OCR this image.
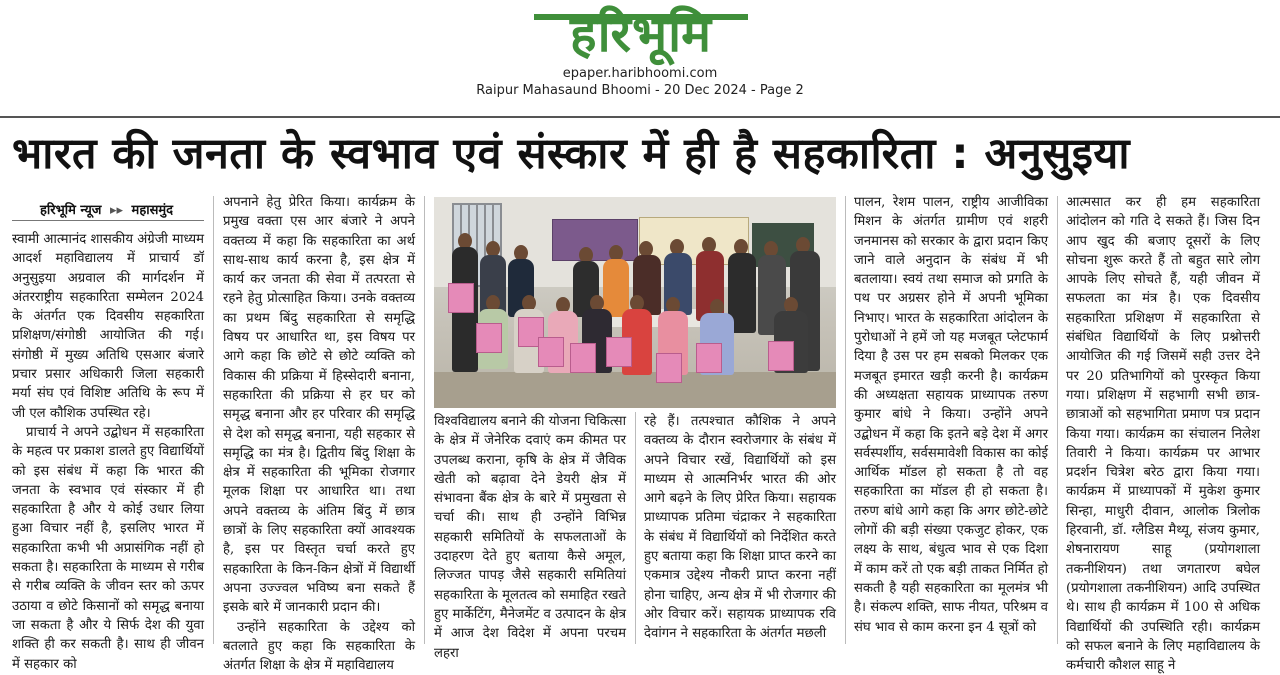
हरिभूमि
epaper.haribhoomi.com
Raipur Mahasaund Bhoomi - 20 Dec 2024 - Page 2
भारत की जनता के स्वभाव एवं संस्कार में ही है सहकारिता : अनुसुइया
हरिभूमि न्यूज ▸▸ महासमुंद

स्वामी आत्मानंद शासकीय अंग्रेजी माध्यम आदर्श महाविद्यालय में प्राचार्य डॉ अनुसुइया अग्रवाल की मार्गदर्शन में अंतरराष्ट्रीय सहकारिता सम्मेलन 2024 के अंतर्गत एक दिवसीय सहकारिता प्रशिक्षण/संगोष्ठी आयोजित की गई। संगोष्ठी में मुख्य अतिथि एसआर बंजारे प्रचार प्रसार अधिकारी जिला सहकारी मर्या संघ एवं विशिष्ट अतिथि के रूप में जी एल कौशिक उपस्थित रहे।

प्राचार्य ने अपने उद्बोधन में सहकारिता के महत्व पर प्रकाश डालते हुए विद्यार्थियों को इस संबंध में कहा कि भारत की जनता के स्वभाव एवं संस्कार में ही सहकारिता है और ये कोई उधार लिया हुआ विचार नहीं है, इसलिए भारत में सहकारिता कभी भी अप्रासंगिक नहीं हो सकता है। सहकारिता के माध्यम से गरीब से गरीब व्यक्ति के जीवन स्तर को ऊपर उठाया व छोटे किसानों को समृद्ध बनाया जा सकता है और ये सिर्फ देश की युवा शक्ति ही कर सकती है। साथ ही जीवन में सहकार को

अपनाने हेतु प्रेरित किया। कार्यक्रम के प्रमुख वक्ता एस आर बंजारे ने अपने वक्तव्य में कहा कि सहकारिता का अर्थ साथ-साथ कार्य करना है, इस क्षेत्र में कार्य कर जनता की सेवा में तत्परता से रहने हेतु प्रोत्साहित किया। उनके वक्तव्य का प्रथम बिंदु सहकारिता से समृद्धि विषय पर आधारित था, इस विषय पर आगे कहा कि छोटे से छोटे व्यक्ति को विकास की प्रक्रिया में हिस्सेदारी बनाना, सहकारिता की प्रक्रिया से हर घर को समृद्ध बनाना और हर परिवार की समृद्धि से देश को समृद्ध बनाना, यही सहकार से समृद्धि का मंत्र है। द्वितीय बिंदु शिक्षा के क्षेत्र में सहकारिता की भूमिका रोजगार मूलक शिक्षा पर आधारित था। तथा अपने वक्तव्य के अंतिम बिंदु में छात्र छात्रों के लिए सहकारिता क्यों आवश्यक है, इस पर विस्तृत चर्चा करते हुए सहकारिता के किन-किन क्षेत्रों में विद्यार्थी अपना उज्ज्वल भविष्य बना सकते हैं इसके बारे में जानकारी प्रदान की।

उन्होंने सहकारिता के उद्देश्य को बतलाते हुए कहा कि सहकारिता के अंतर्गत शिक्षा के क्षेत्र में महाविद्यालय

विश्वविद्यालय बनाने की योजना चिकित्सा के क्षेत्र में जेनेरिक दवाएं कम कीमत पर उपलब्ध कराना, कृषि के क्षेत्र में जैविक खेती को बढ़ावा देने डेयरी क्षेत्र में संभावना बैंक क्षेत्र के बारे में प्रमुखता से चर्चा की। साथ ही उन्होंने विभिन्न सहकारी समितियों के सफलताओं के उदाहरण देते हुए बताया कैसे अमूल, लिज्जत पापड़ जैसे सहकारी समितियां सहकारिता के मूलतत्व को समाहित रखते हुए मार्केटिंग, मैनेजमेंट व उत्पादन के क्षेत्र में आज देश विदेश में अपना परचम लहरा

रहे हैं। तत्पश्चात कौशिक ने अपने वक्तव्य के दौरान स्वरोजगार के संबंध में अपने विचार रखें, विद्यार्थियों को इस माध्यम से आत्मनिर्भर भारत की ओर आगे बढ़ने के लिए प्रेरित किया। सहायक प्राध्यापक प्रतिमा चंद्राकर ने सहकारिता के संबंध में विद्यार्थियों को निर्देशित करते हुए बताया कहा कि शिक्षा प्राप्त करने का एकमात्र उद्देश्य नौकरी प्राप्त करना नहीं होना चाहिए, अन्य क्षेत्र में भी रोजगार की ओर विचार करें। सहायक प्राध्यापक रवि देवांगन ने सहकारिता के अंतर्गत मछली

पालन, रेशम पालन, राष्ट्रीय आजीविका मिशन के अंतर्गत ग्रामीण एवं शहरी जनमानस को सरकार के द्वारा प्रदान किए जाने वाले अनुदान के संबंध में भी बतलाया। स्वयं तथा समाज को प्रगति के पथ पर अग्रसर होने में अपनी भूमिका निभाए। भारत के सहकारिता आंदोलन के पुरोधाओं ने हमें जो यह मजबूत प्लेटफार्म दिया है उस पर हम सबको मिलकर एक मजबूत इमारत खड़ी करनी है। कार्यक्रम की अध्यक्षता सहायक प्राध्यापक तरुण कुमार बांधे ने किया। उन्होंने अपने उद्बोधन में कहा कि इतने बड़े देश में अगर सर्वस्पर्शीय, सर्वसमावेशी विकास का कोई आर्थिक मॉडल हो सकता है तो वह सहकारिता का मॉडल ही हो सकता है। तरुण बांधे आगे कहा कि अगर छोटे-छोटे लोगों की बड़ी संख्या एकजुट होकर, एक लक्ष्य के साथ, बंधुत्व भाव से एक दिशा में काम करें तो एक बड़ी ताकत निर्मित हो सकती है यही सहकारिता का मूलमंत्र भी है। संकल्प शक्ति, साफ नीयत, परिश्रम व संघ भाव से काम करना इन 4 सूत्रों को

आत्मसात कर ही हम सहकारिता आंदोलन को गति दे सकते हैं। जिस दिन आप खुद की बजाए दूसरों के लिए सोचना शुरू करते हैं तो बहुत सारे लोग आपके लिए सोचते हैं, यही जीवन में सफलता का मंत्र है। एक दिवसीय सहकारिता प्रशिक्षण में सहकारिता से संबंधित विद्यार्थियों के लिए प्रश्नोत्तरी आयोजित की गई जिसमें सही उत्तर देने पर 20 प्रतिभागियों को पुरस्कृत किया गया। प्रशिक्षण में सहभागी सभी छात्र-छात्राओं को सहभागिता प्रमाण पत्र प्रदान किया गया। कार्यक्रम का संचालन निलेश तिवारी ने किया। कार्यक्रम पर आभार प्रदर्शन चित्रेश बरेठ द्वारा किया गया। कार्यक्रम में प्राध्यापकों में मुकेश कुमार सिन्हा, माधुरी दीवान, आलोक त्रिलोक हिरवानी, डॉ. ग्लैडिस मैथ्यू, संजय कुमार, शेषनारायण साहू (प्रयोगशाला तकनीशियन) तथा जगतारण बघेल (प्रयोगशाला तकनीशियन) आदि उपस्थित थे। साथ ही कार्यक्रम में 100 से अधिक विद्यार्थियों की उपस्थिति रही। कार्यक्रम को सफल बनाने के लिए महाविद्यालय के कर्मचारी कौशल साहू ने
